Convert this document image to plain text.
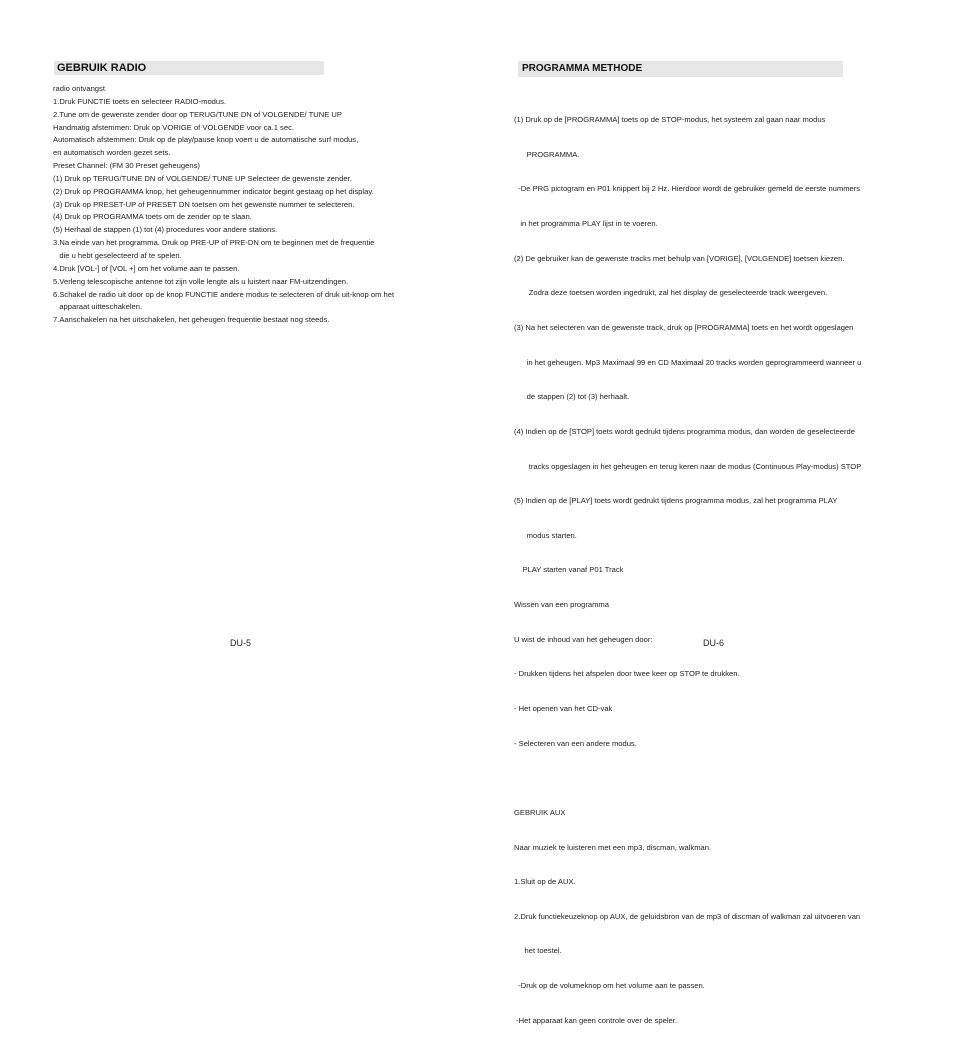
GEBRUIK RADIO
radio ontvangst
1.Druk FUNCTIE toets en selecteer RADIO-modus.
2.Tune om de gewenste zender door op TERUG/TUNE DN of VOLGENDE/ TUNE UP
Handmatig afstemmen: Druk op VORIGE of VOLGENDE voor ca.1 sec.
Automatisch afstemmen: Druk op de play/pause knop voert u de automatische surf modus,
en automatisch worden gezet sets.
Preset Channel: (FM 30 Preset geheugens)
(1) Druk op TERUG/TUNE DN of VOLGENDE/ TUNE UP Selecteer de gewenste zender.
(2) Druk op PROGRAMMA knop, het geheugennummer indicator begint gestaag op het display.
(3) Druk op PRESET-UP of PRESET DN toetsen om het gewenste nummer te selecteren.
(4) Druk op PROGRAMMA toets om de zender op te slaan.
(5) Herhaal de stappen (1) tot (4) procedures voor andere stations.
3.Na einde van het programma. Druk op PRE-UP of PRE-DN om te beginnen met de frequentie
die u hebt geselecteerd af te spelen.
4.Druk [VOL-] of [VOL +] om het volume aan te passen.
5.Verleng telescopische antenne tot zijn volle lengte als u luistert naar FM-uitzendingen.
6.Schakel de radio uit door op de knop FUNCTIE andere modus te selecteren of druk uit-knop om het
apparaat uitteschakelen.
7.Aanschakelen na het uitschakelen, het geheugen frequentie bestaat nog steeds.
DU-5
PROGRAMMA METHODE

(1) Druk op de [PROGRAMMA] toets op de STOP-modus, het systeem zal gaan naar modus

PROGRAMMA.

-De PRG pictogram en P01 knippert bij 2 Hz. Hierdoor wordt de gebruiker gemeld de eerste nummers

in het programma PLAY lijst in te voeren.

(2) De gebruiker kan de gewenste tracks met behulp van [VORIGE], [VOLGENDE] toetsen kiezen.

Zodra deze toetsen worden ingedrukt, zal het display de geselecteerde track weergeven.

(3) Na het selecteren van de gewenste track, druk op [PROGRAMMA] toets en het wordt opgeslagen

in het geheugen. Mp3 Maximaal 99 en CD Maximaal 20 tracks worden geprogrammeerd wanneer u

de stappen (2) tot (3) herhaalt.

(4) Indien op de [STOP] toets wordt gedrukt tijdens programma modus, dan worden de geselecteerde

tracks opgeslagen in het geheugen en terug keren naar de modus (Continuous Play-modus) STOP

(5) Indien op de [PLAY] toets wordt gedrukt tijdens programma modus, zal het programma PLAY

modus starten.

PLAY starten vanaf P01 Track

Wissen van een programma

U wist de inhoud van het geheugen door:

- Drukken tijdens het afspelen door twee keer op STOP te drukken.

- Het openen van het CD-vak

- Selecteren van een andere modus.

GEBRUIK AUX

Naar muziek te luisteren met een mp3, discman, walkman.

1.Sluit op de AUX.

2.Druk functiekeuzeknop op AUX, de geluidsbron van de mp3 of discman of walkman zal uitvoeren van

het toestel.

-Druk op de volumeknop om het volume aan te passen.

-Het apparaat kan geen controle over de speler.

DU-6
